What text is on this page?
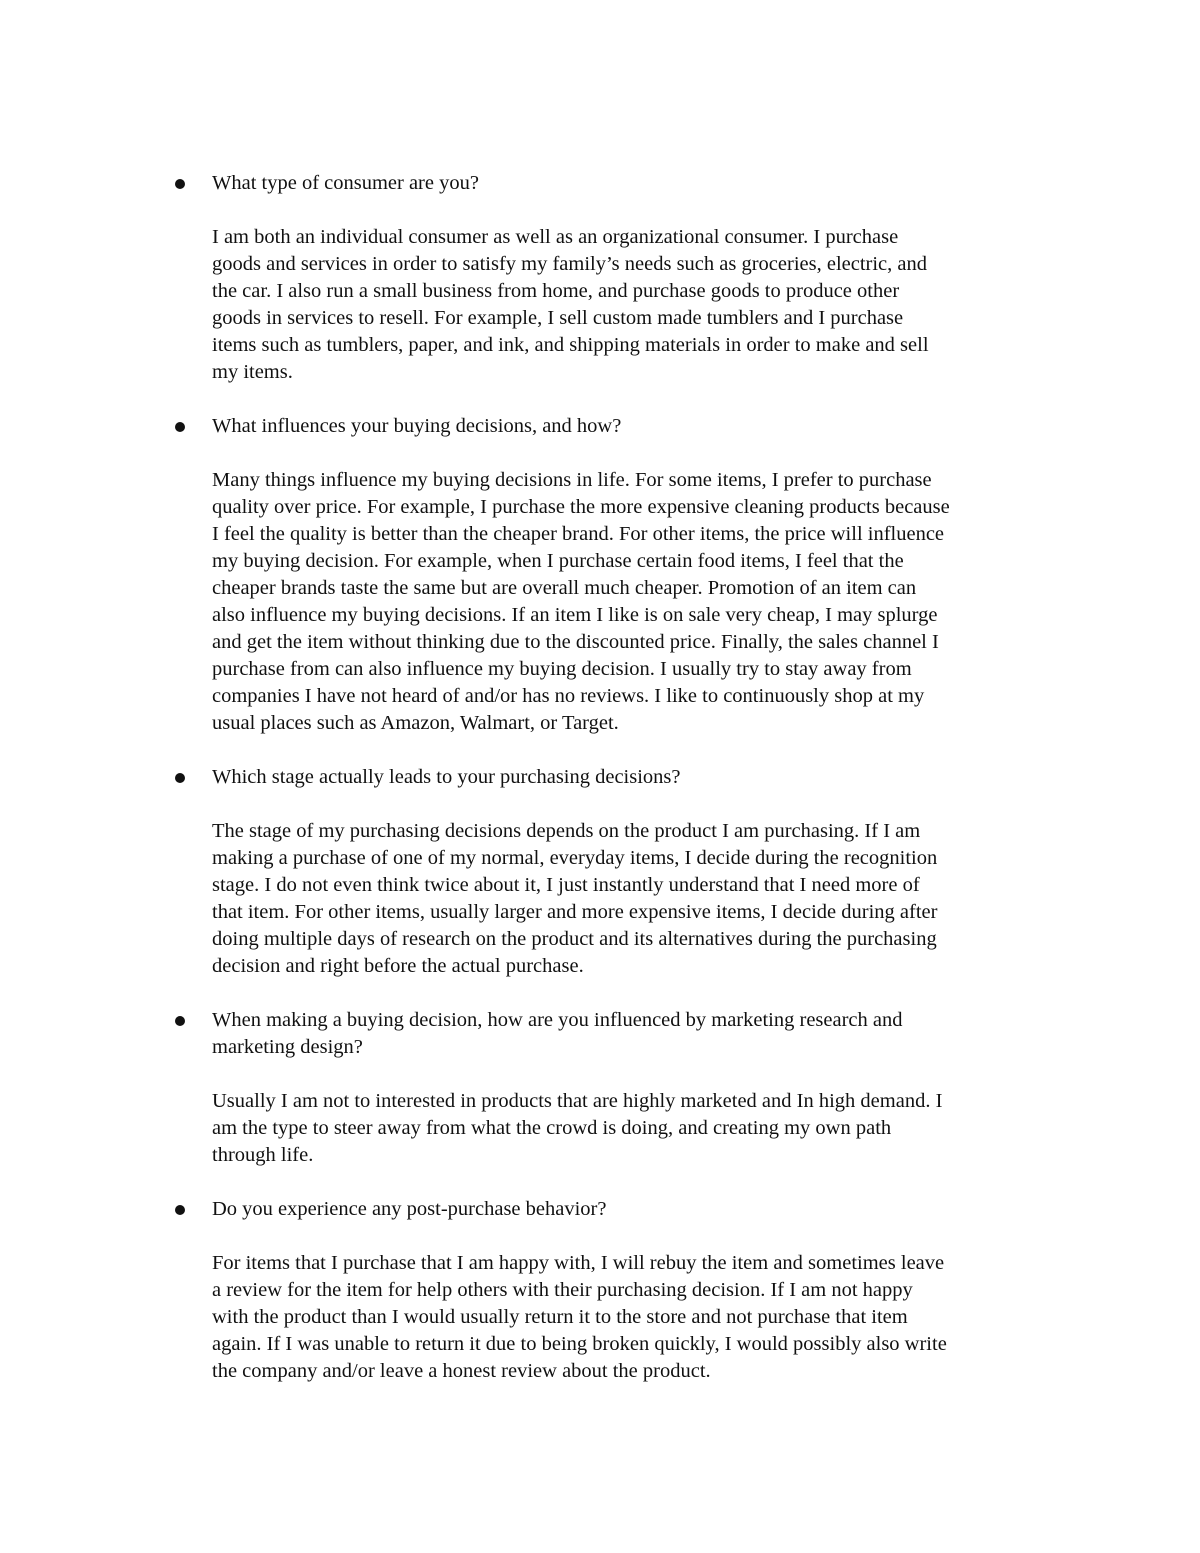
What type of consumer are you?

I am both an individual consumer as well as an organizational consumer. I purchase
goods and services in order to satisfy my family’s needs such as groceries, electric, and
the car. I also run a small business from home, and purchase goods to produce other
goods in services to resell. For example, I sell custom made tumblers and I purchase
items such as tumblers, paper, and ink, and shipping materials in order to make and sell
my items.

What influences your buying decisions, and how?

Many things influence my buying decisions in life. For some items, I prefer to purchase
quality over price. For example, I purchase the more expensive cleaning products because
I feel the quality is better than the cheaper brand. For other items, the price will influence
my buying decision. For example, when I purchase certain food items, I feel that the
cheaper brands taste the same but are overall much cheaper. Promotion of an item can
also influence my buying decisions. If an item I like is on sale very cheap, I may splurge
and get the item without thinking due to the discounted price. Finally, the sales channel I
purchase from can also influence my buying decision. I usually try to stay away from
companies I have not heard of and/or has no reviews. I like to continuously shop at my
usual places such as Amazon, Walmart, or Target.

Which stage actually leads to your purchasing decisions?

The stage of my purchasing decisions depends on the product I am purchasing. If I am
making a purchase of one of my normal, everyday items, I decide during the recognition
stage. I do not even think twice about it, I just instantly understand that I need more of
that item. For other items, usually larger and more expensive items, I decide during after
doing multiple days of research on the product and its alternatives during the purchasing
decision and right before the actual purchase.

When making a buying decision, how are you influenced by marketing research and
marketing design?

Usually I am not to interested in products that are highly marketed and In high demand. I
am the type to steer away from what the crowd is doing, and creating my own path
through life.

Do you experience any post-purchase behavior?

For items that I purchase that I am happy with, I will rebuy the item and sometimes leave
a review for the item for help others with their purchasing decision. If I am not happy
with the product than I would usually return it to the store and not purchase that item
again. If I was unable to return it due to being broken quickly, I would possibly also write
the company and/or leave a honest review about the product.
